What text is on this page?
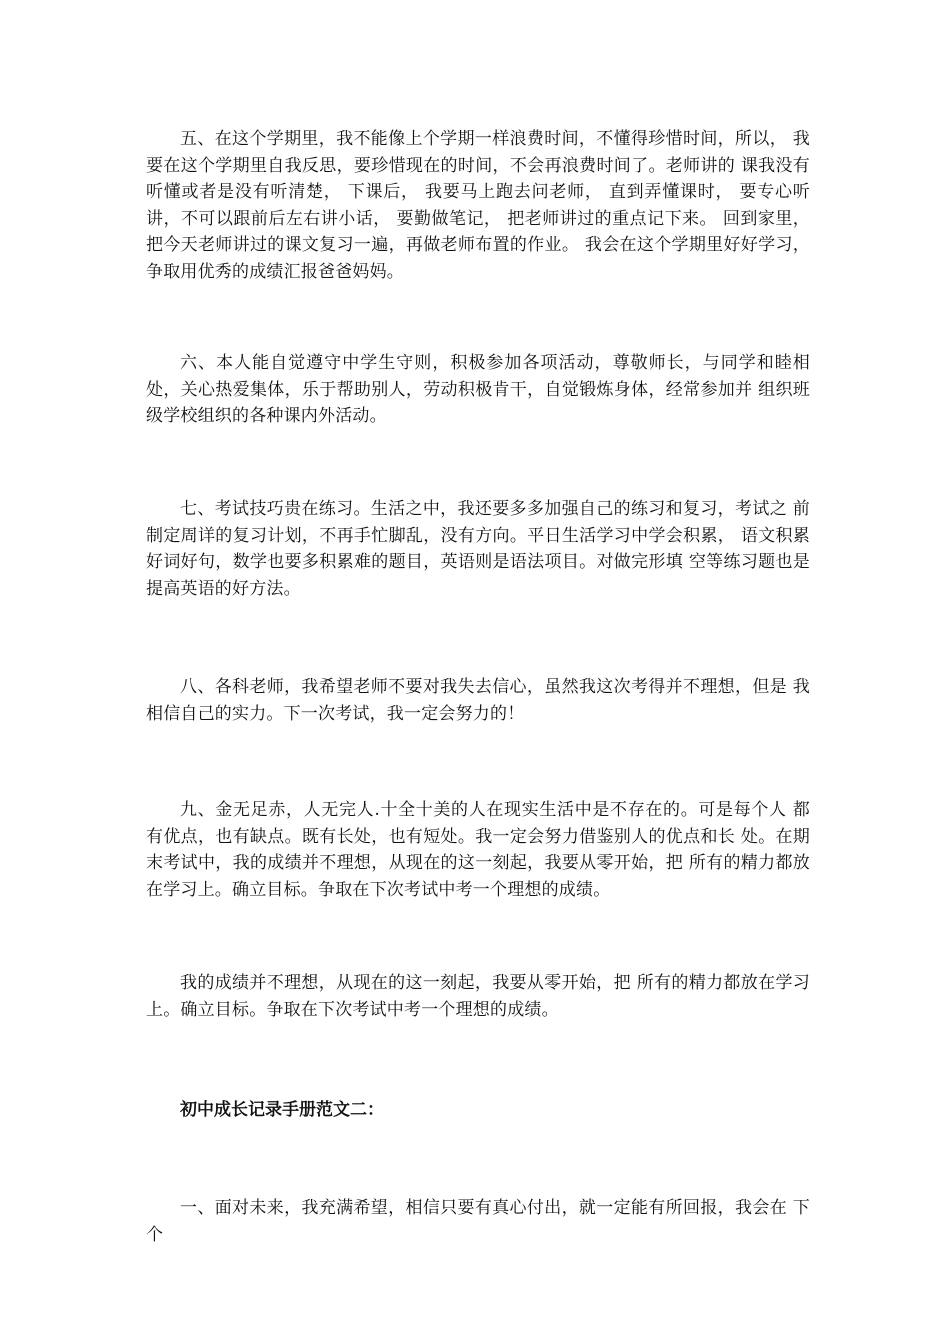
五、在这个学期里，我不能像上个学期一样浪费时间，不懂得珍惜时间，所以， 我要在这个学期里自我反思，要珍惜现在的时间，不会再浪费时间了。老师讲的 课我没有听懂或者是没有听清楚， 下课后， 我要马上跑去问老师， 直到弄懂课时， 要专心听讲，不可以跟前后左右讲小话， 要勤做笔记， 把老师讲过的重点记下来。 回到家里，把今天老师讲过的课文复习一遍，再做老师布置的作业。 我会在这个学期里好好学习，争取用优秀的成绩汇报爸爸妈妈。

六、本人能自觉遵守中学生守则，积极参加各项活动，尊敬师长，与同学和睦相 处，关心热爱集体，乐于帮助别人，劳动积极肯干，自觉锻炼身体，经常参加并 组织班级学校组织的各种课内外活动。

七、考试技巧贵在练习。生活之中，我还要多多加强自己的练习和复习，考试之 前制定周详的复习计划，不再手忙脚乱，没有方向。平日生活学习中学会积累， 语文积累好词好句，数学也要多积累难的题目，英语则是语法项目。对做完形填 空等练习题也是提高英语的好方法。

八、各科老师，我希望老师不要对我失去信心，虽然我这次考得并不理想，但是 我相信自己的实力。下一次考试，我一定会努力的！

九、金无足赤，人无完人.十全十美的人在现实生活中是不存在的。可是每个人 都有优点，也有缺点。既有长处，也有短处。我一定会努力借鉴别人的优点和长 处。在期末考试中，我的成绩并不理想，从现在的这一刻起，我要从零开始，把 所有的精力都放在学习上。确立目标。争取在下次考试中考一个理想的成绩。

我的成绩并不理想，从现在的这一刻起，我要从零开始，把 所有的精力都放在学习上。确立目标。争取在下次考试中考一个理想的成绩。

初中成长记录手册范文二：

一、面对未来，我充满希望，相信只要有真心付出，就一定能有所回报，我会在 下个
